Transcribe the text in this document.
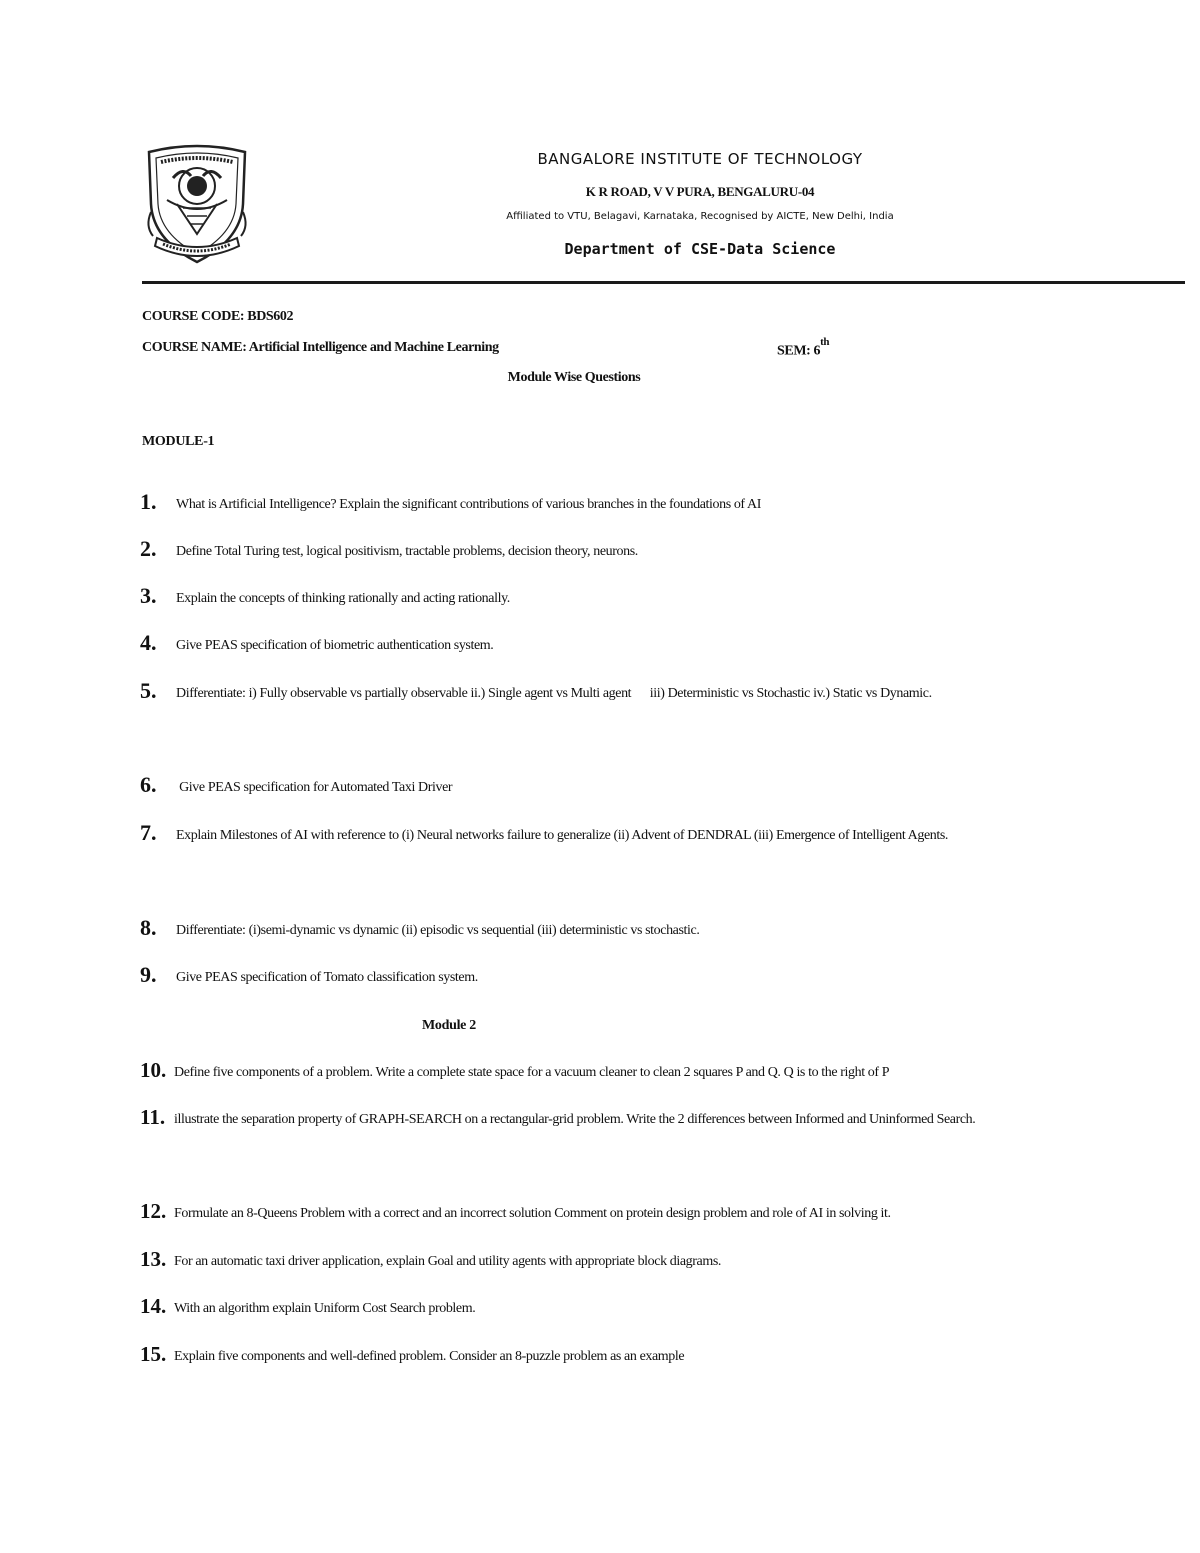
BANGALORE INSTITUTE OF TECHNOLOGY
K R ROAD, V V PURA, BENGALURU-04
Affiliated to VTU, Belagavi, Karnataka, Recognised by AICTE, New Delhi, India
Department of CSE-Data Science
COURSE CODE: BDS602
COURSE NAME: Artificial Intelligence and Machine Learning	SEM: 6th
Module Wise Questions
MODULE-1
1. What is Artificial Intelligence? Explain the significant contributions of various branches in the foundations of AI
2. Define Total Turing test, logical positivism, tractable problems, decision theory, neurons.
3. Explain the concepts of thinking rationally and acting rationally.
4. Give PEAS specification of biometric authentication system.
5. Differentiate: i) Fully observable vs partially observable ii.) Single agent vs Multi agent      iii) Deterministic vs Stochastic iv.) Static vs Dynamic.
6. Give PEAS specification for Automated Taxi Driver
7. Explain Milestones of AI with reference to (i) Neural networks failure to generalize (ii) Advent of DENDRAL (iii) Emergence of Intelligent Agents.
8. Differentiate: (i)semi-dynamic vs dynamic (ii) episodic vs sequential (iii) deterministic vs stochastic.
9. Give PEAS specification of Tomato classification system.
Module 2
10. Define five components of a problem. Write a complete state space for a vacuum cleaner to clean 2 squares P and Q. Q is to the right of P
11. illustrate the separation property of GRAPH-SEARCH on a rectangular-grid problem. Write the 2 differences between Informed and Uninformed Search.
12. Formulate an 8-Queens Problem with a correct and an incorrect solution Comment on protein design problem and role of AI in solving it.
13. For an automatic taxi driver application, explain Goal and utility agents with appropriate block diagrams.
14. With an algorithm explain Uniform Cost Search problem.
15. Explain five components and well-defined problem. Consider an 8-puzzle problem as an example
